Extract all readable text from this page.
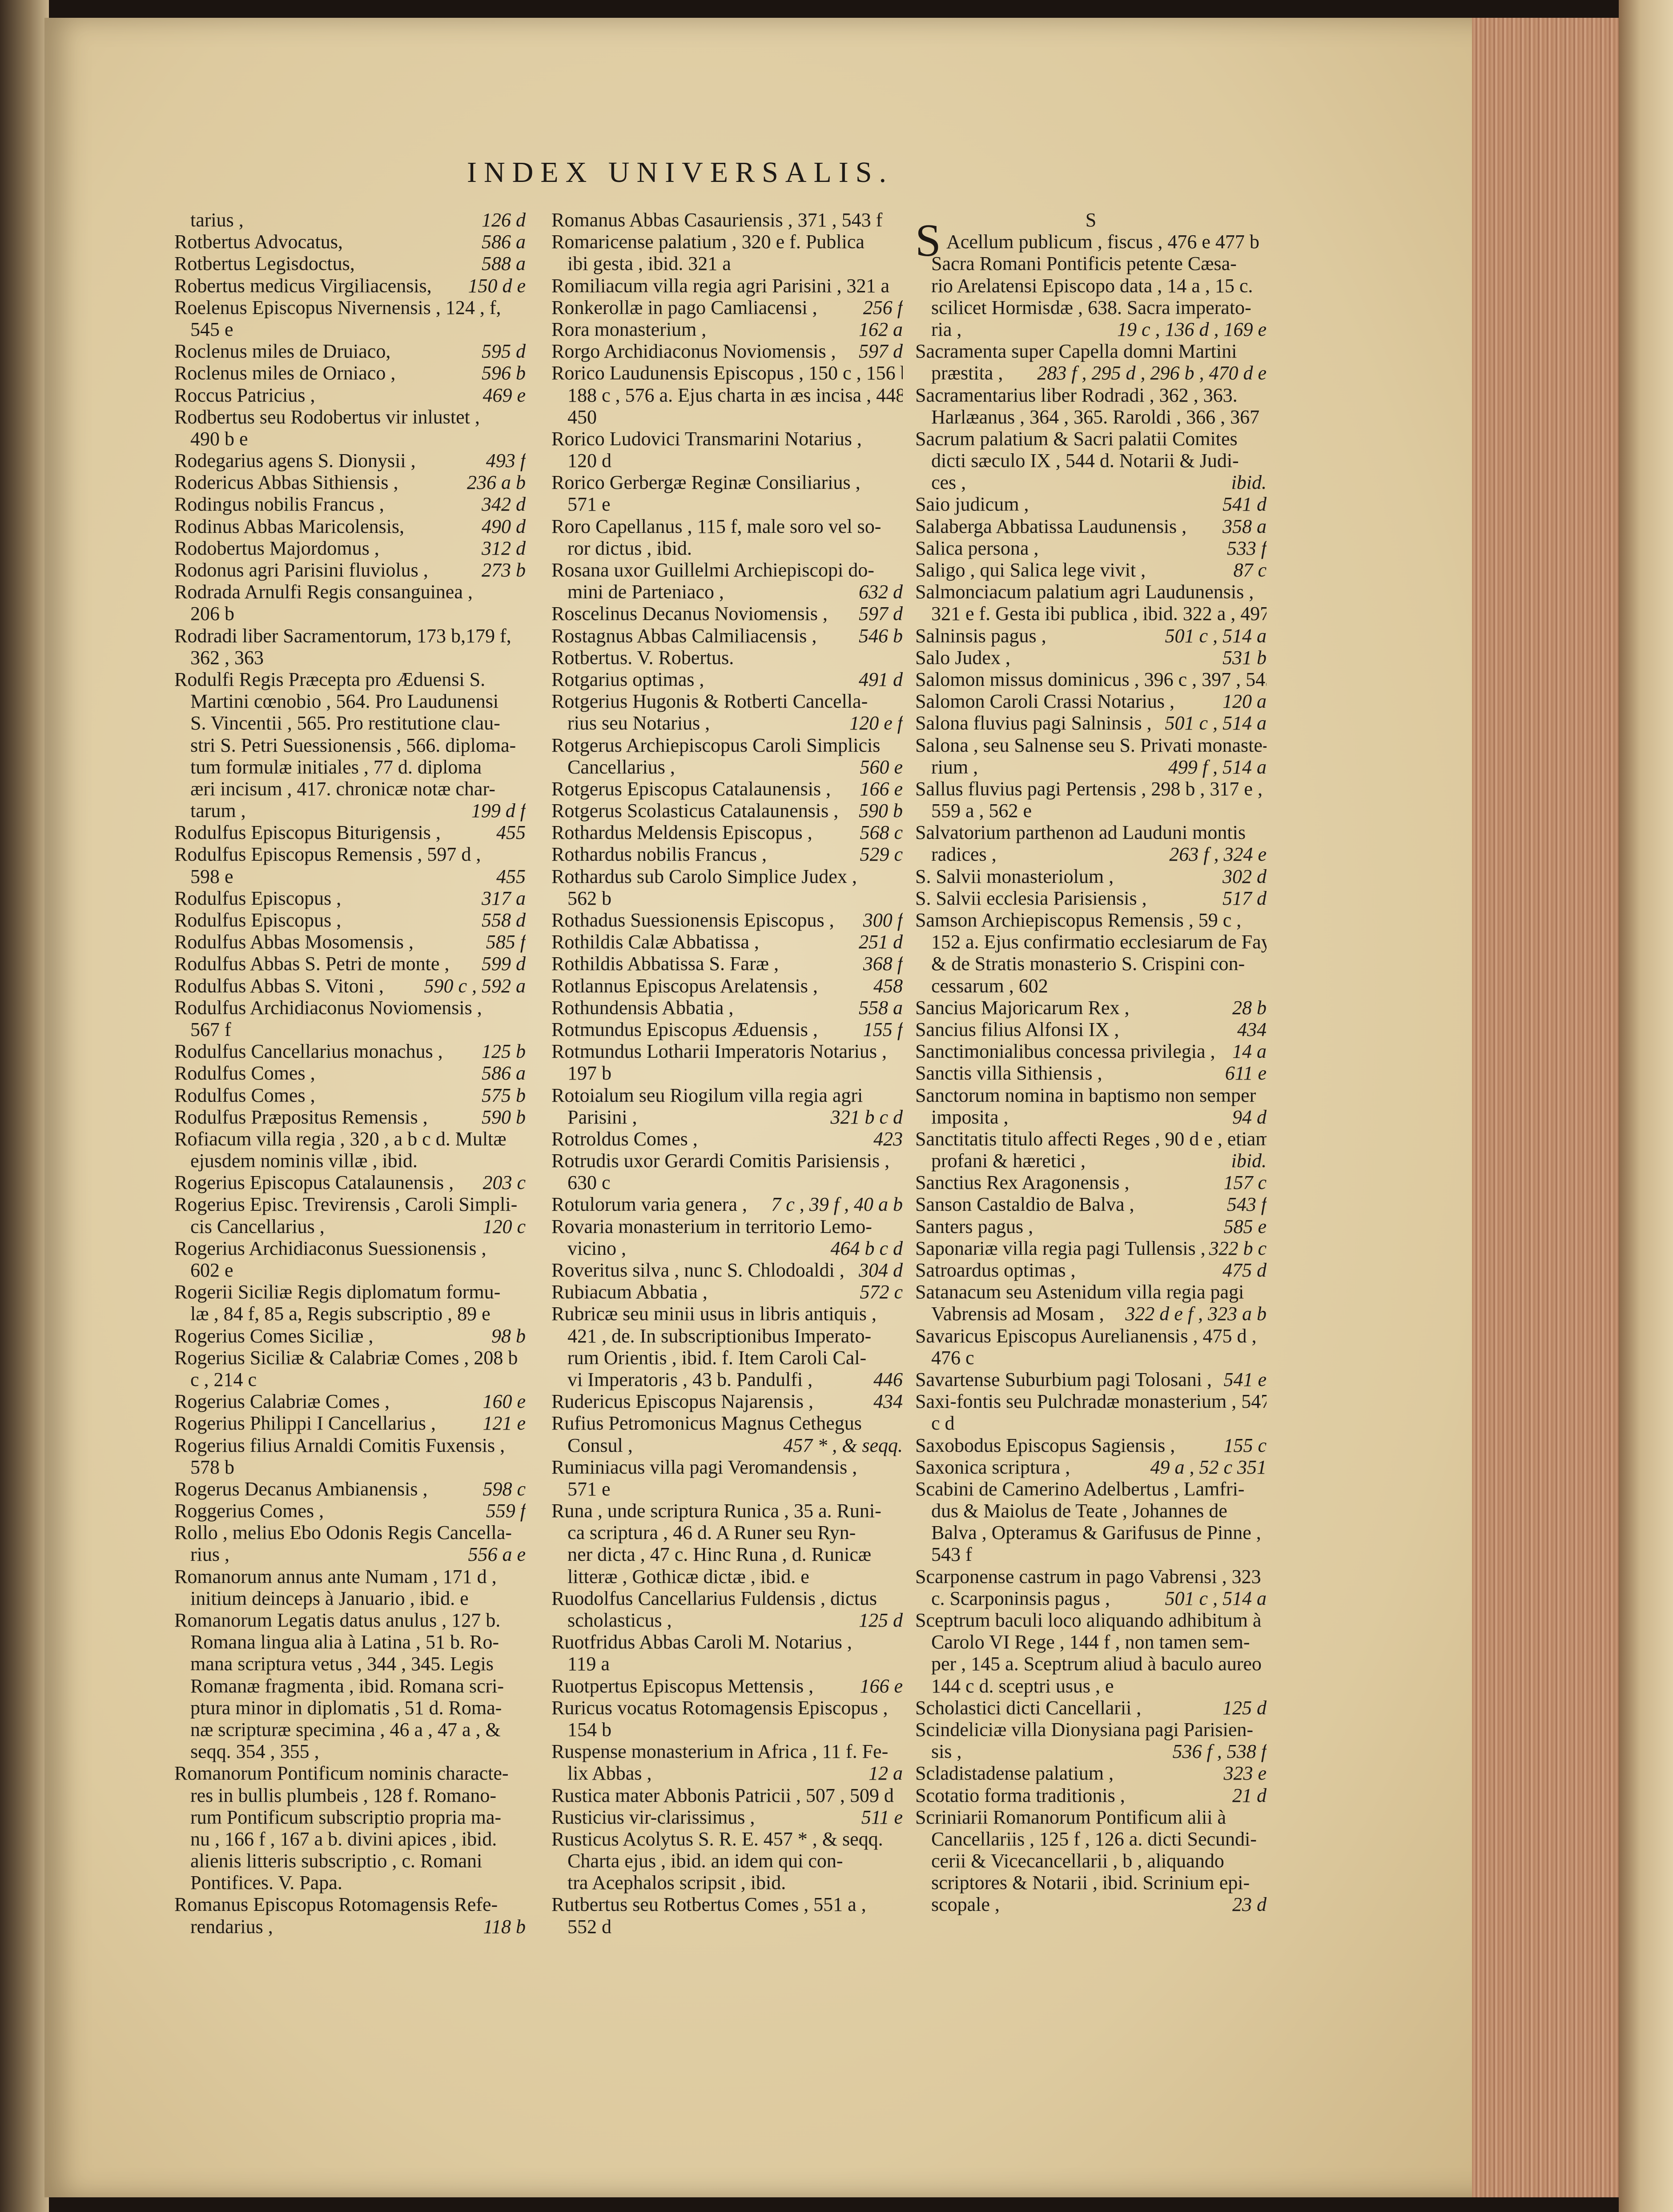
INDEX UNIVERSALIS.
tarius ,	126 d
Rotbertus Advocatus,	586 a
Rotbertus Legisdoctus,	588 a
Robertus medicus Virgiliacensis, 150 d e
Roelenus Episcopus Nivernensis , 124 , f,
545 e
Roclenus miles de Druiaco,	595 d
Roclenus miles de Orniaco ,	596 b
Roccus Patricius ,	469 e
Rodbertus seu Rodobertus vir inlustet ,
490 b e
Rodegarius agens S. Dionysii ,	493 f
Rodericus Abbas Sithiensis ,	236 a b
Rodingus nobilis Francus ,	342 d
Rodinus Abbas Maricolensis,	490 d
Rodobertus Majordomus ,	312 d
Rodonus agri Parisini fluviolus ,	273 b
Rodrada Arnulfi Regis consanguinea ,
206 b
Rodradi liber Sacramentorum, 173 b,179 f,
362 , 363
Rodulfi Regis Præcepta pro Æduensi S.
Martini cœnobio , 564. Pro Laudunensi
S. Vincentii , 565. Pro restitutione clau-
stri S. Petri Suessionensis , 566. diploma-
tum formulæ initiales , 77 d. diploma
æri incisum , 417. chronicæ notæ char-
tarum ,	199 d f
Rodulfus Episcopus Biturigensis ,	455
Rodulfus Episcopus Remensis , 597 d ,
598 e	455
Rodulfus Episcopus ,	317 a
Rodulfus Episcopus ,	558 d
Rodulfus Abbas Mosomensis ,	585 f
Rodulfus Abbas S. Petri de monte , 599 d
Rodulfus Abbas S. Vitoni , 590 c , 592 a
Rodulfus Archidiaconus Noviomensis ,
567 f
Rodulfus Cancellarius monachus , 125 b
Rodulfus Comes ,	586 a
Rodulfus Comes ,	575 b
Rodulfus Præpositus Remensis ,	590 b
Rofiacum villa regia , 320 , a b c d. Multæ
ejusdem nominis villæ , ibid.
Rogerius Episcopus Catalaunensis , 203 c
Rogerius Episc. Trevirensis , Caroli Simpli-
cis Cancellarius ,	120 c
Rogerius Archidiaconus Suessionensis ,
602 e
Rogerii Siciliæ Regis diplomatum formu-
læ , 84 f, 85 a, Regis subscriptio , 89 e
Rogerius Comes Siciliæ ,	98 b
Rogerius Siciliæ & Calabriæ Comes , 208 b
c , 214 c
Rogerius Calabriæ Comes ,	160 e
Rogerius Philippi I Cancellarius , 121 e
Rogerius filius Arnaldi Comitis Fuxensis ,
578 b
Rogerus Decanus Ambianensis ,	598 c
Roggerius Comes ,	559 f
Rollo , melius Ebo Odonis Regis Cancella-
rius ,	556 a e
Romanorum annus ante Numam , 171 d ,
initium deinceps à Januario , ibid. e
Romanorum Legatis datus anulus , 127 b.
Romana lingua alia à Latina , 51 b. Ro-
mana scriptura vetus , 344 , 345. Legis
Romanæ fragmenta , ibid. Romana scri-
ptura minor in diplomatis , 51 d. Roma-
næ scripturæ specimina , 46 a , 47 a , &
seqq. 354 , 355 ,
Romanorum Pontificum nominis characte-
res in bullis plumbeis , 128 f. Romano-
rum Pontificum subscriptio propria ma-
nu , 166 f , 167 a b. divini apices , ibid.
alienis litteris subscriptio , c. Romani
Pontifices. V. Papa.
Romanus Episcopus Rotomagensis Refe-
rendarius ,	118 b
Romanus Abbas Casauriensis , 371 , 543 f
Romaricense palatium , 320 e f. Publica
ibi gesta , ibid. 321 a
Romiliacum villa regia agri Parisini , 321 a
Ronkerollæ in pago Camliacensi , 256 f
Rora monasterium ,	162 a
Rorgo Archidiaconus Noviomensis , 597 d
Rorico Laudunensis Episcopus , 150 c , 156 b ,
188 c , 576 a. Ejus charta in æs incisa , 448 ,
450
Rorico Ludovici Transmarini Notarius ,
120 d
Rorico Gerbergæ Reginæ Consiliarius ,
571 e
Roro Capellanus , 115 f, male soro vel so-
ror dictus , ibid.
Rosana uxor Guillelmi Archiepiscopi do-
mini de Parteniaco ,	632 d
Roscelinus Decanus Noviomensis , 597 d
Rostagnus Abbas Calmiliacensis , 546 b
Rotbertus. V. Robertus.
Rotgarius optimas ,	491 d
Rotgerius Hugonis & Rotberti Cancella-
rius seu Notarius ,	120 e f
Rotgerus Archiepiscopus Caroli Simplicis
Cancellarius ,	560 e
Rotgerus Episcopus Catalaunensis , 166 e
Rotgerus Scolasticus Catalaunensis , 590 b
Rothardus Meldensis Episcopus , 568 c
Rothardus nobilis Francus ,	529 c
Rothardus sub Carolo Simplice Judex ,
562 b
Rothadus Suessionensis Episcopus , 300 f
Rothildis Calæ Abbatissa ,	251 d
Rothildis Abbatissa S. Faræ ,	368 f
Rotlannus Episcopus Arelatensis ,	458
Rothundensis Abbatia ,	558 a
Rotmundus Episcopus Æduensis , 155 f
Rotmundus Lotharii Imperatoris Notarius ,
197 b
Rotoialum seu Riogilum villa regia agri
Parisini ,	321 b c d
Rotroldus Comes ,	423
Rotrudis uxor Gerardi Comitis Parisiensis ,
630 c
Rotulorum varia genera , 7 c , 39 f , 40 a b
Rovaria monasterium in territorio Lemo-
vicino ,	464 b c d
Roveritus silva , nunc S. Chlodoaldi , 304 d
Rubiacum Abbatia ,	572 c
Rubricæ seu minii usus in libris antiquis ,
421 , de. In subscriptionibus Imperato-
rum Orientis , ibid. f. Item Caroli Cal-
vi Imperatoris , 43 b. Pandulfi ,	446
Rudericus Episcopus Najarensis ,	434
Rufius Petromonicus Magnus Cethegus
Consul ,	457 * , & seqq.
Ruminiacus villa pagi Veromandensis ,
571 e
Runa , unde scriptura Runica , 35 a. Runi-
ca scriptura , 46 d. A Runer seu Ryn-
ner dicta , 47 c. Hinc Runa , d. Runicæ
litteræ , Gothicæ dictæ , ibid. e
Ruodolfus Cancellarius Fuldensis , dictus
scholasticus ,	125 d
Ruotfridus Abbas Caroli M. Notarius ,
119 a
Ruotpertus Episcopus Mettensis , 166 e
Ruricus vocatus Rotomagensis Episcopus ,
154 b
Ruspense monasterium in Africa , 11 f. Fe-
lix Abbas ,	12 a
Rustica mater Abbonis Patricii , 507 , 509 d
Rusticius vir-clarissimus ,	511 e
Rusticus Acolytus S. R. E. 457 * , & seqq.
Charta ejus , ibid. an idem qui con-
tra Acephalos scripsit , ibid.
Rutbertus seu Rotbertus Comes , 551 a ,
552 d
S
S Acellum publicum , fiscus , 476 e 477 b
Sacra Romani Pontificis petente Cæsa-
rio Arelatensi Episcopo data , 14 a , 15 c.
scilicet Hormisdæ , 638. Sacra imperato-
ria ,	19 c , 136 d , 169 e
Sacramenta super Capella domni Martini
præstita , 283 f , 295 d , 296 b , 470 d e
Sacramentarius liber Rodradi , 362 , 363.
Harlæanus , 364 , 365. Raroldi , 366 , 367
Sacrum palatium & Sacri palatii Comites
dicti sæculo IX , 544 d. Notarii & Judi-
ces ,	ibid.
Saio judicum ,	541 d
Salaberga Abbatissa Laudunensis , 358 a
Salica persona ,	533 f
Saligo , qui Salica lege vivit ,	87 c
Salmonciacum palatium agri Laudunensis ,
321 e f. Gesta ibi publica , ibid. 322 a , 497 a
Salninsis pagus ,	501 c , 514 a
Salo Judex ,	531 b
Salomon missus dominicus , 396 c , 397 , 543 a
Salomon Caroli Crassi Notarius , 120 a
Salona fluvius pagi Salninsis , 501 c , 514 a
Salona , seu Salnense seu S. Privati monaste-
rium ,	499 f , 514 a
Sallus fluvius pagi Pertensis , 298 b , 317 e ,
559 a , 562 e
Salvatorium parthenon ad Lauduni montis
radices ,	263 f , 324 e
S. Salvii monasteriolum ,	302 d
S. Salvii ecclesia Parisiensis ,	517 d
Samson Archiepiscopus Remensis , 59 c ,
152 a. Ejus confirmatio ecclesiarum de Fay
& de Stratis monasterio S. Crispini con-
cessarum , 602
Sancius Majoricarum Rex ,	28 b
Sancius filius Alfonsi IX ,	434
Sanctimonialibus concessa privilegia , 14 a
Sanctis villa Sithiensis ,	611 e
Sanctorum nomina in baptismo non semper
imposita ,	94 d
Sanctitatis titulo affecti Reges , 90 d e , etiam
profani & hæretici ,	ibid.
Sanctius Rex Aragonensis ,	157 c
Sanson Castaldio de Balva ,	543 f
Santers pagus ,	585 e
Saponariæ villa regia pagi Tullensis , 322 b c
Satroardus optimas ,	475 d
Satanacum seu Astenidum villa regia pagi
Vabrensis ad Mosam , 322 d e f , 323 a b
Savaricus Episcopus Aurelianensis , 475 d ,
476 c
Savartense Suburbium pagi Tolosani , 541 e
Saxi-fontis seu Pulchradæ monasterium , 547
c d
Saxobodus Episcopus Sagiensis , 155 c
Saxonica scriptura ,	49 a , 52 c 351
Scabini de Camerino Adelbertus , Lamfri-
dus & Maiolus de Teate , Johannes de
Balva , Opteramus & Garifusus de Pinne ,
543 f
Scarponense castrum in pago Vabrensi , 323
c. Scarponinsis pagus ,	501 c , 514 a
Sceptrum baculi loco aliquando adhibitum à
Carolo VI Rege , 144 f , non tamen sem-
per , 145 a. Sceptrum aliud à baculo aureo ,
144 c d. sceptri usus , e
Scholastici dicti Cancellarii ,	125 d
Scindeliciæ villa Dionysiana pagi Parisien-
sis ,	536 f , 538 f
Scladistadense palatium ,	323 e
Scotatio forma traditionis ,	21 d
Scriniarii Romanorum Pontificum alii à
Cancellariis , 125 f , 126 a. dicti Secundi-
cerii & Vicecancellarii , b , aliquando
scriptores & Notarii , ibid. Scrinium epi-
scopale ,	23 d
